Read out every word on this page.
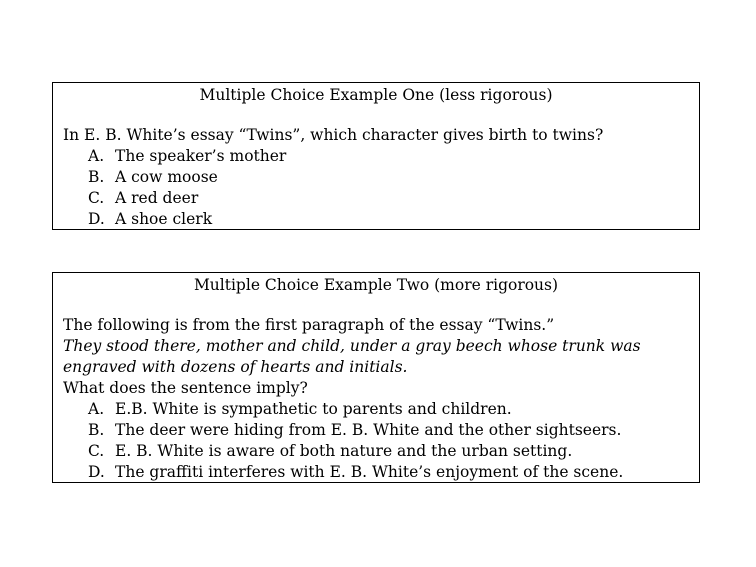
Multiple Choice Example One (less rigorous)
In E. B. White’s essay “Twins”, which character gives birth to twins?
A. The speaker’s mother
B. A cow moose
C. A red deer
D. A shoe clerk
Multiple Choice Example Two (more rigorous)
The following is from the first paragraph of the essay “Twins.”
They stood there, mother and child, under a gray beech whose trunk was engraved with dozens of hearts and initials.
What does the sentence imply?
A. E.B. White is sympathetic to parents and children.
B. The deer were hiding from E. B. White and the other sightseers.
C. E. B. White is aware of both nature and the urban setting.
D. The graffiti interferes with E. B. White’s enjoyment of the scene.
